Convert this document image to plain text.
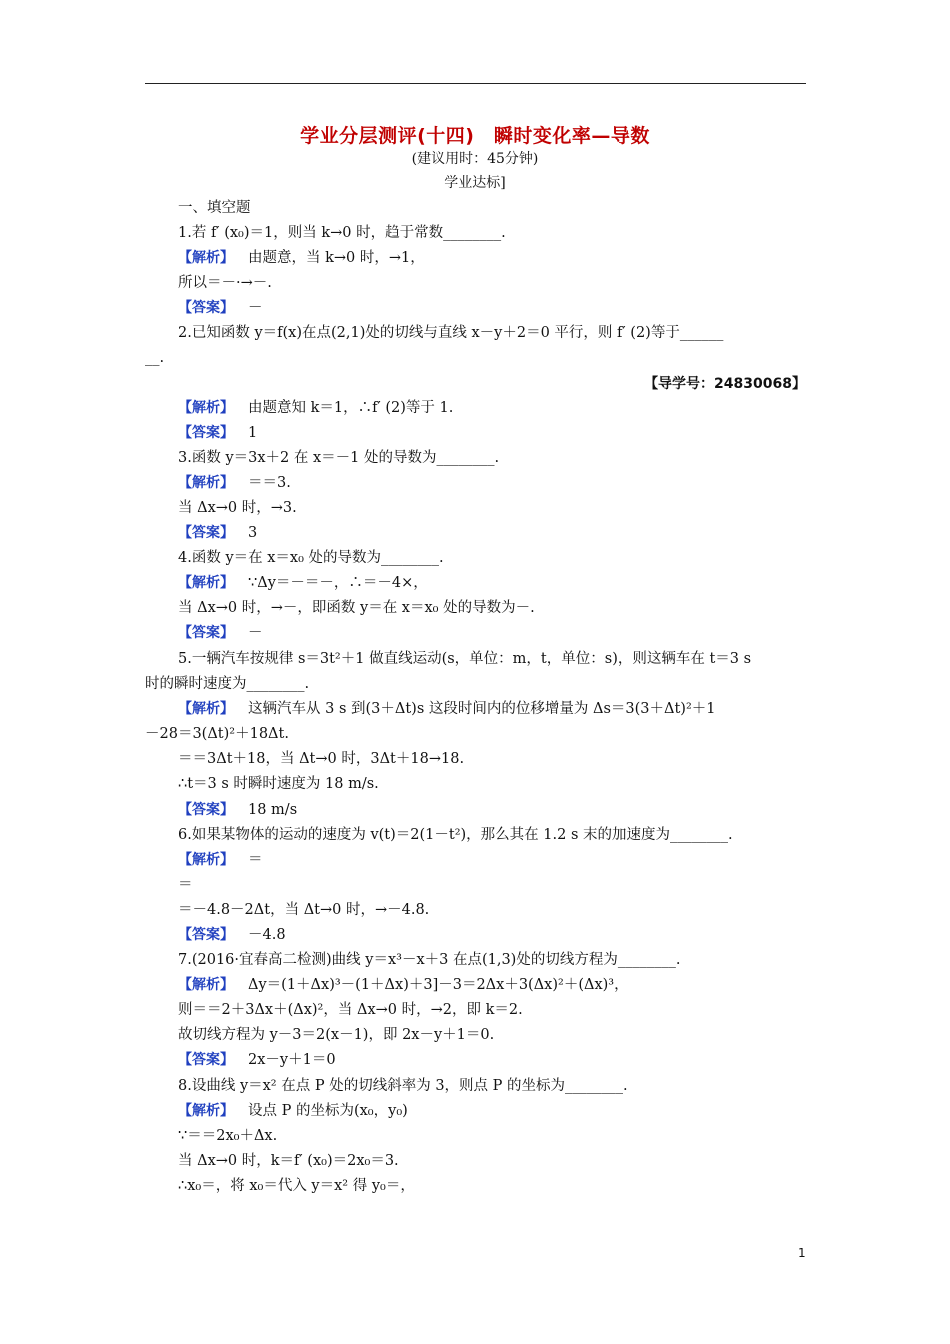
学业分层测评(十四)　瞬时变化率—导数
(建议用时：45分钟)
学业达标]
一、填空题
1.若 f′ (x₀)＝1，则当 k→0 时，趋于常数________.
【解析】 由题意，当 k→0 时，→1，
所以＝－·→－.
【答案】 －
2.已知函数 y＝f(x)在点(2,1)处的切线与直线 x－y＋2＝0 平行，则 f′ (2)等于______
__.
【导学号：24830068】
【解析】 由题意知 k＝1，∴f′ (2)等于 1.
【答案】 1
3.函数 y＝3x＋2 在 x＝－1 处的导数为________.
【解析】 ＝＝3.
当 Δx→0 时，→3.
【答案】 3
4.函数 y＝在 x＝x₀ 处的导数为________.
【解析】 ∵Δy＝－＝－，∴＝－4×，
当 Δx→0 时，→－，即函数 y＝在 x＝x₀ 处的导数为－.
【答案】 －
5.一辆汽车按规律 s＝3t²＋1 做直线运动(s，单位：m，t，单位：s)，则这辆车在 t＝3 s
时的瞬时速度为________.
【解析】 这辆汽车从 3 s 到(3＋Δt)s 这段时间内的位移增量为 Δs＝3(3＋Δt)²＋1
－28＝3(Δt)²＋18Δt.
＝＝3Δt＋18，当 Δt→0 时，3Δt＋18→18.
∴t＝3 s 时瞬时速度为 18 m/s.
【答案】 18 m/s
6.如果某物体的运动的速度为 v(t)＝2(1－t²)，那么其在 1.2 s 末的加速度为________.
【解析】 ＝
＝
＝－4.8－2Δt，当 Δt→0 时，→－4.8.
【答案】 －4.8
7.(2016·宜春高二检测)曲线 y＝x³－x＋3 在点(1,3)处的切线方程为________.
【解析】 Δy＝(1＋Δx)³－(1＋Δx)＋3]－3＝2Δx＋3(Δx)²＋(Δx)³，
则＝＝2＋3Δx＋(Δx)²，当 Δx→0 时，→2，即 k＝2.
故切线方程为 y－3＝2(x－1)，即 2x－y＋1＝0.
【答案】 2x－y＋1＝0
8.设曲线 y＝x² 在点 P 处的切线斜率为 3，则点 P 的坐标为________.
【解析】 设点 P 的坐标为(x₀，y₀)
∵＝＝2x₀＋Δx.
当 Δx→0 时，k＝f′ (x₀)＝2x₀＝3.
∴x₀＝，将 x₀＝代入 y＝x² 得 y₀＝，
1
